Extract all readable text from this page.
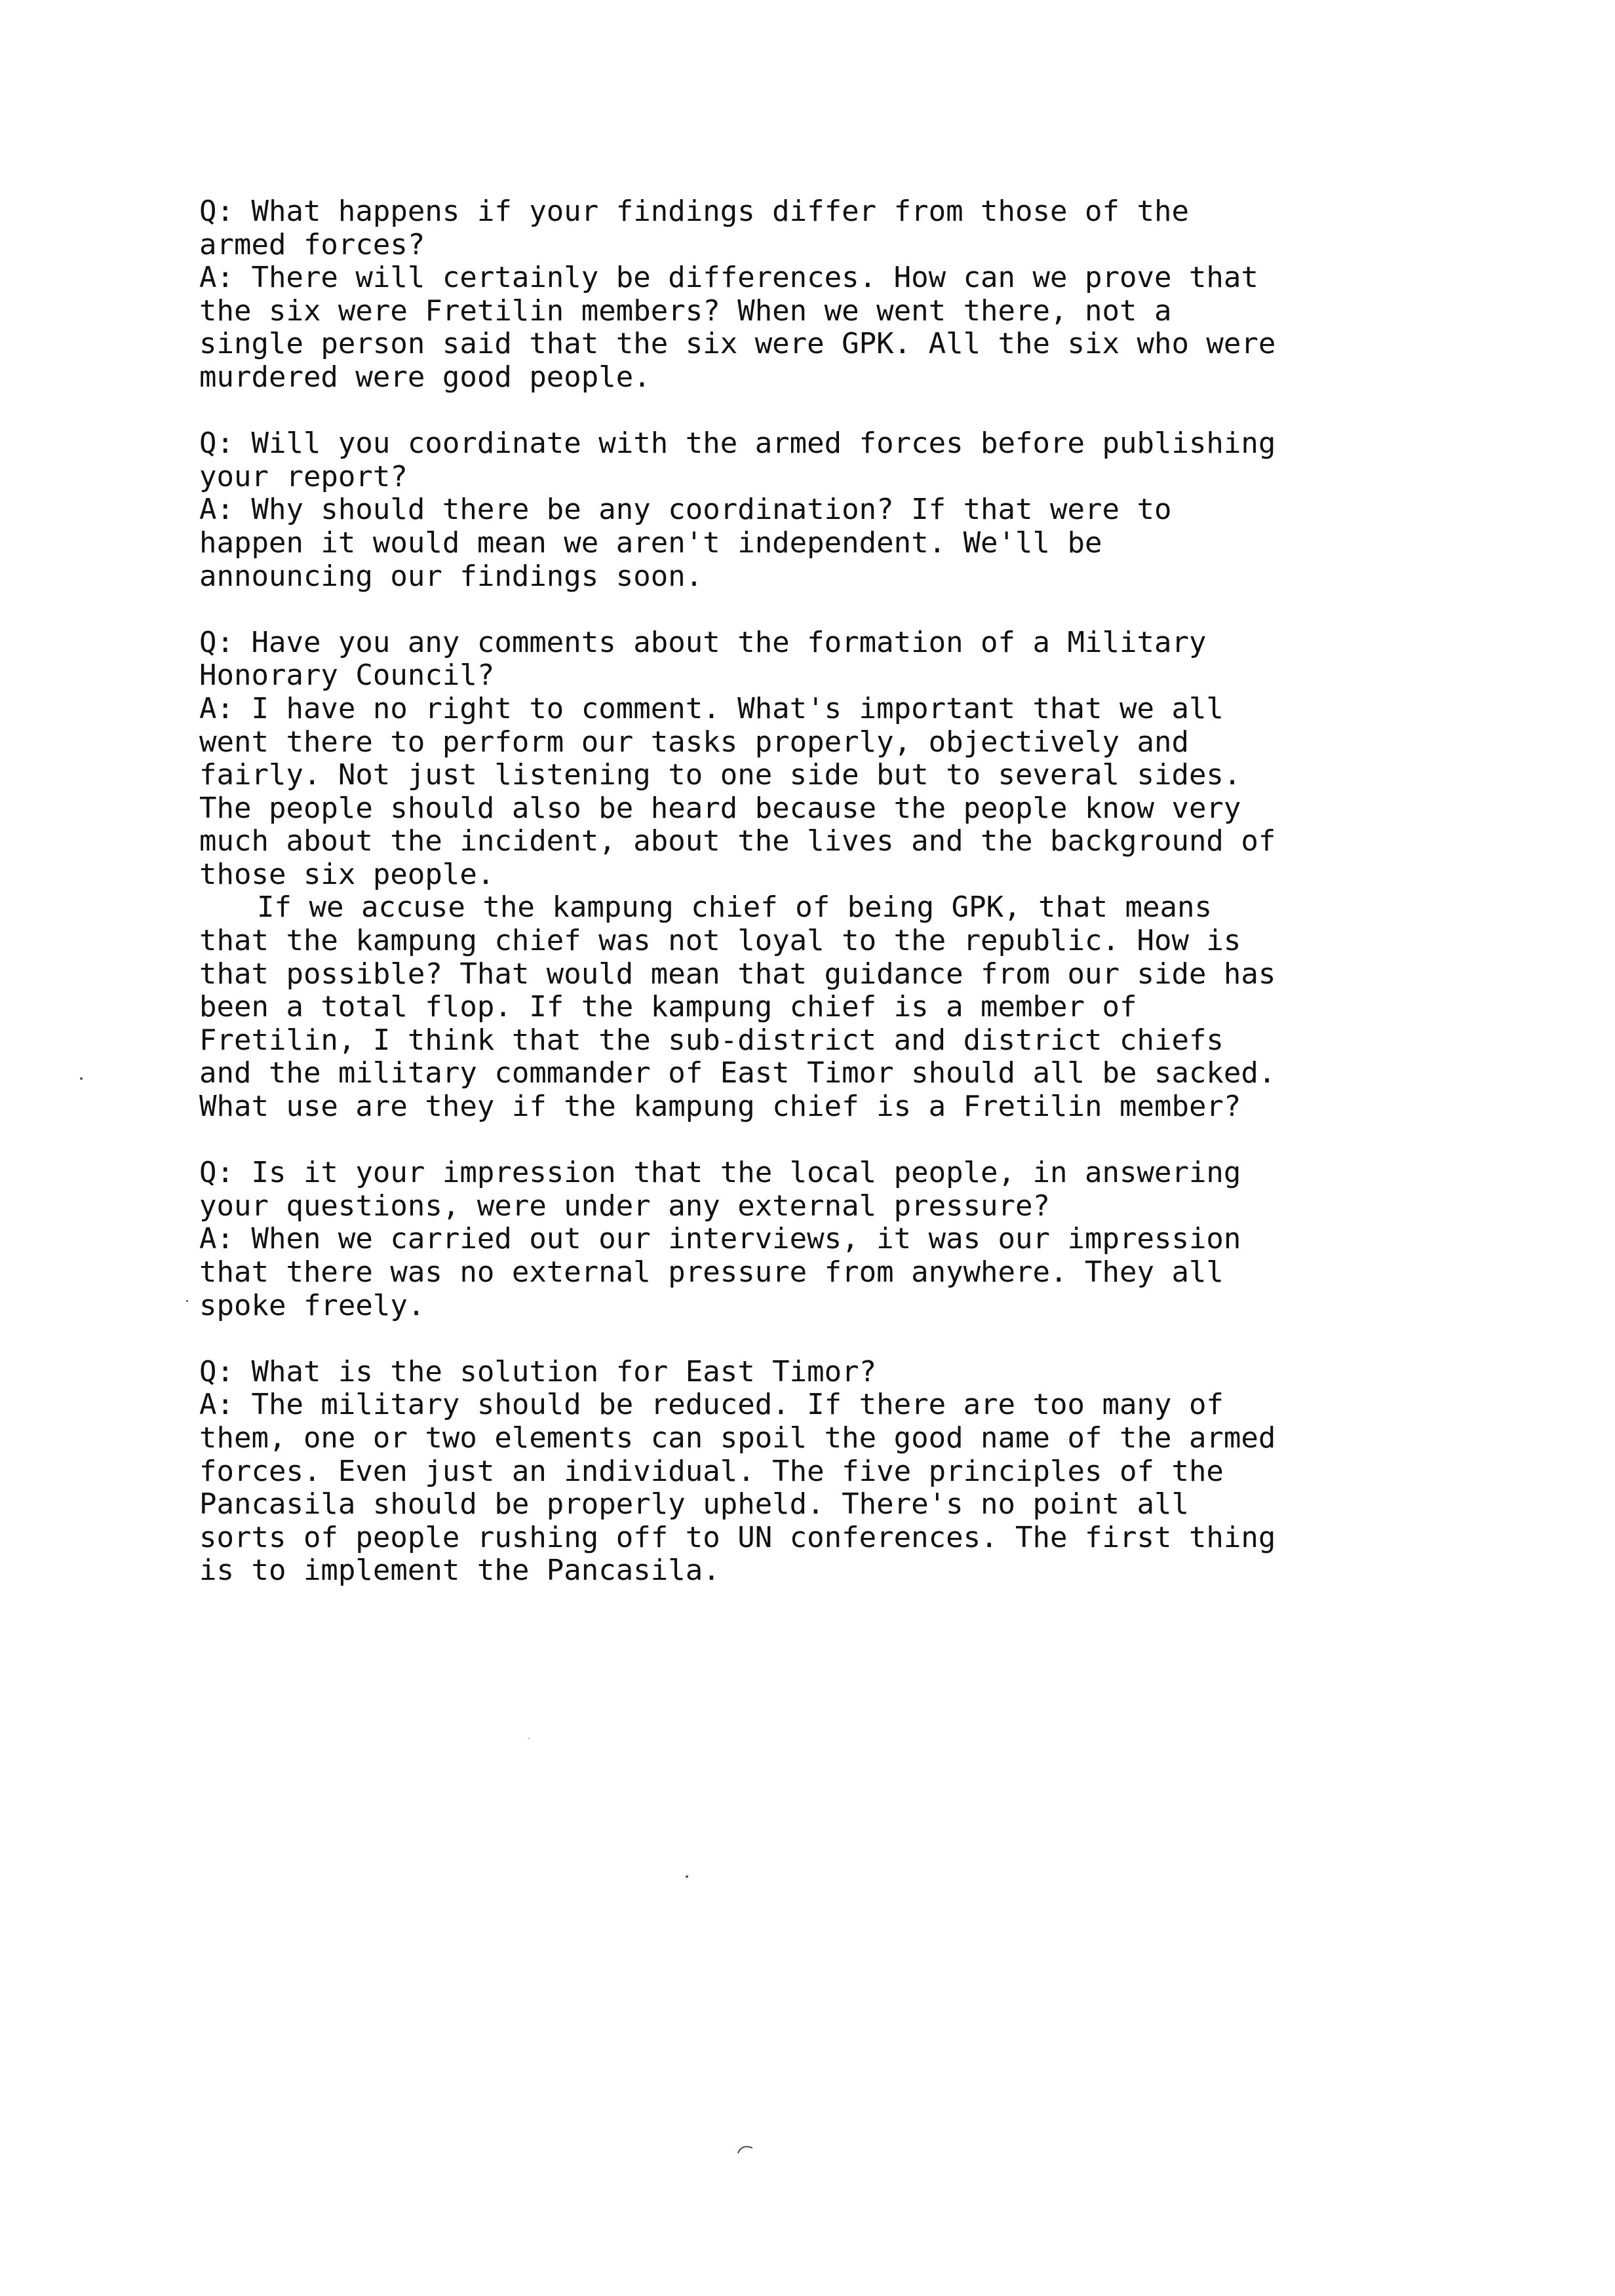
Q: What happens if your findings differ from those of the
armed forces?
A: There will certainly be differences. How can we prove that
the six were Fretilin members? When we went there, not a
single person said that the six were GPK. All the six who were
murdered were good people.
Q: Will you coordinate with the armed forces before publishing
your report?
A: Why should there be any coordination? If that were to
happen it would mean we aren't independent. We'll be
announcing our findings soon.
Q: Have you any comments about the formation of a Military
Honorary Council?
A: I have no right to comment. What's important that we all
went there to perform our tasks properly, objectively and
fairly. Not just listening to one side but to several sides.
The people should also be heard because the people know very
much about the incident, about the lives and the background of
those six people.
If we accuse the kampung chief of being GPK, that means
that the kampung chief was not loyal to the republic. How is
that possible? That would mean that guidance from our side has
been a total flop. If the kampung chief is a member of
Fretilin, I think that the sub-district and district chiefs
and the military commander of East Timor should all be sacked.
What use are they if the kampung chief is a Fretilin member?
Q: Is it your impression that the local people, in answering
your questions, were under any external pressure?
A: When we carried out our interviews, it was our impression
that there was no external pressure from anywhere. They all
spoke freely.
Q: What is the solution for East Timor?
A: The military should be reduced. If there are too many of
them, one or two elements can spoil the good name of the armed
forces. Even just an individual. The five principles of the
Pancasila should be properly upheld. There's no point all
sorts of people rushing off to UN conferences. The first thing
is to implement the Pancasila.
